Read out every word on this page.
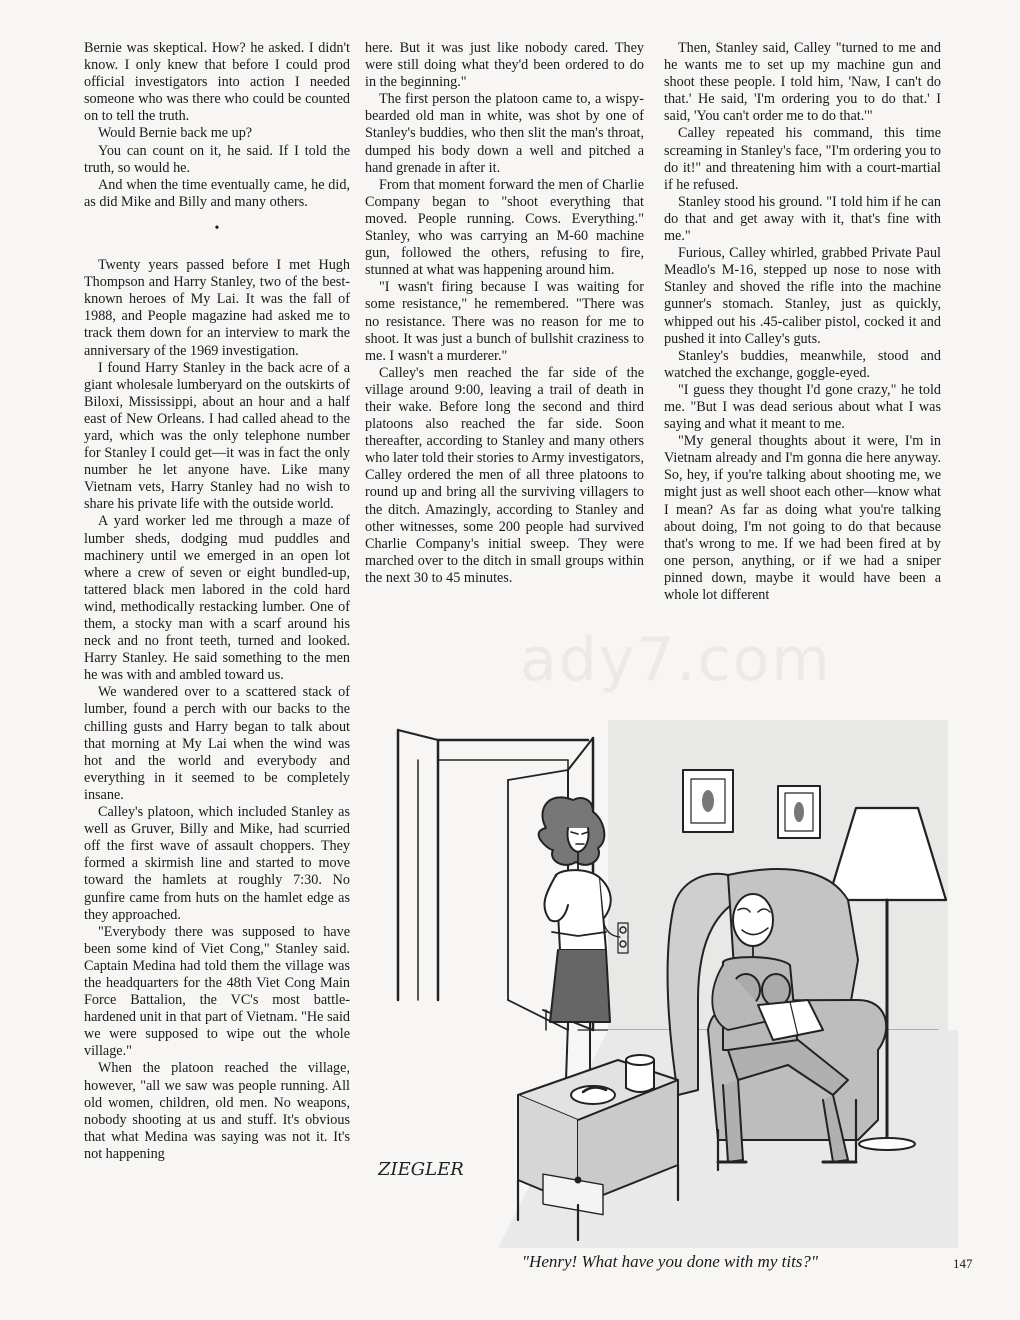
Bernie was skeptical. How? he asked. I didn't know. I only knew that before I could prod official investigators into action I needed someone who was there who could be counted on to tell the truth.

Would Bernie back me up?

You can count on it, he said. If I told the truth, so would he.

And when the time eventually came, he did, as did Mike and Billy and many others.

•

Twenty years passed before I met Hugh Thompson and Harry Stanley, two of the best-known heroes of My Lai. It was the fall of 1988, and People magazine had asked me to track them down for an interview to mark the anniversary of the 1969 investigation.

I found Harry Stanley in the back acre of a giant wholesale lumberyard on the outskirts of Biloxi, Mississippi, about an hour and a half east of New Orleans. I had called ahead to the yard, which was the only telephone number for Stanley I could get—it was in fact the only number he let anyone have. Like many Vietnam vets, Harry Stanley had no wish to share his private life with the outside world.

A yard worker led me through a maze of lumber sheds, dodging mud puddles and machinery until we emerged in an open lot where a crew of seven or eight bundled-up, tattered black men labored in the cold hard wind, methodically restacking lumber. One of them, a stocky man with a scarf around his neck and no front teeth, turned and looked. Harry Stanley. He said something to the men he was with and ambled toward us.

We wandered over to a scattered stack of lumber, found a perch with our backs to the chilling gusts and Harry began to talk about that morning at My Lai when the wind was hot and the world and everybody and everything in it seemed to be completely insane.

Calley's platoon, which included Stanley as well as Gruver, Billy and Mike, had scurried off the first wave of assault choppers. They formed a skirmish line and started to move toward the hamlets at roughly 7:30. No gunfire came from huts on the hamlet edge as they approached.

"Everybody there was supposed to have been some kind of Viet Cong," Stanley said. Captain Medina had told them the village was the headquarters for the 48th Viet Cong Main Force Battalion, the VC's most battle-hardened unit in that part of Vietnam. "He said we were supposed to wipe out the whole village."

When the platoon reached the village, however, "all we saw was people running. All old women, children, old men. No weapons, nobody shooting at us and stuff. It's obvious that what Medina was saying was not it. It's not happening

here. But it was just like nobody cared. They were still doing what they'd been ordered to do in the beginning."

The first person the platoon came to, a wispy-bearded old man in white, was shot by one of Stanley's buddies, who then slit the man's throat, dumped his body down a well and pitched a hand grenade in after it.

From that moment forward the men of Charlie Company began to "shoot everything that moved. People running. Cows. Everything." Stanley, who was carrying an M-60 machine gun, followed the others, refusing to fire, stunned at what was happening around him.

"I wasn't firing because I was waiting for some resistance," he remembered. "There was no resistance. There was no reason for me to shoot. It was just a bunch of bullshit craziness to me. I wasn't a murderer."

Calley's men reached the far side of the village around 9:00, leaving a trail of death in their wake. Before long the second and third platoons also reached the far side. Soon thereafter, according to Stanley and many others who later told their stories to Army investigators, Calley ordered the men of all three platoons to round up and bring all the surviving villagers to the ditch. Amazingly, according to Stanley and other witnesses, some 200 people had survived Charlie Company's initial sweep. They were marched over to the ditch in small groups within the next 30 to 45 minutes.

Then, Stanley said, Calley "turned to me and he wants me to set up my machine gun and shoot these people. I told him, 'Naw, I can't do that.' He said, 'I'm ordering you to do that.' I said, 'You can't order me to do that.'"

Calley repeated his command, this time screaming in Stanley's face, "I'm ordering you to do it!" and threatening him with a court-martial if he refused.

Stanley stood his ground. "I told him if he can do that and get away with it, that's fine with me."

Furious, Calley whirled, grabbed Private Paul Meadlo's M-16, stepped up nose to nose with Stanley and shoved the rifle into the machine gunner's stomach. Stanley, just as quickly, whipped out his .45-caliber pistol, cocked it and pushed it into Calley's guts.

Stanley's buddies, meanwhile, stood and watched the exchange, goggle-eyed.

"I guess they thought I'd gone crazy," he told me. "But I was dead serious about what I was saying and what it meant to me.

"My general thoughts about it were, I'm in Vietnam already and I'm gonna die here anyway. So, hey, if you're talking about shooting me, we might just as well shoot each other—know what I mean? As far as doing what you're talking about doing, I'm not going to do that because that's wrong to me. If we had been fired at by one person, anything, or if we had a sniper pinned down, maybe it would have been a whole lot different

ady7.com
ZIEGLER
"Henry! What have you done with my tits?"	147
